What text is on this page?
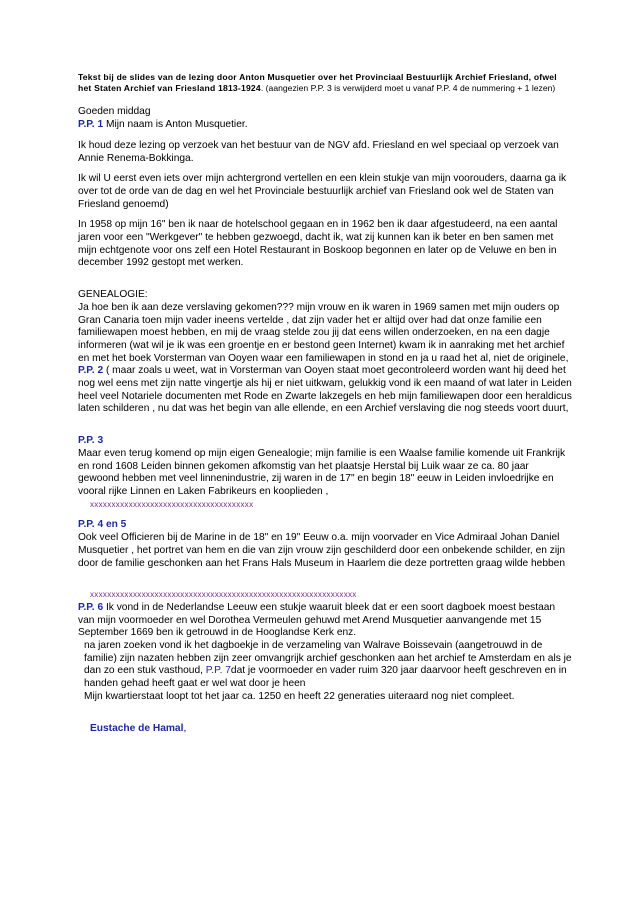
Tekst bij de slides van de lezing door Anton Musquetier over het Provinciaal Bestuurlijk Archief Friesland, ofwel het Staten Archief van Friesland 1813-1924. (aangezien P.P. 3 is verwijderd moet u vanaf P.P. 4 de nummering + 1 lezen)

Goeden middag

P.P. 1 Mijn naam is Anton Musquetier.

Ik houd deze lezing op verzoek van het bestuur van de NGV afd. Friesland en wel speciaal op verzoek van Annie Renema-Bokkinga.

Ik wil U eerst even iets over mijn achtergrond vertellen en een klein stukje van mijn voorouders, daarna ga ik over tot de orde van de dag en wel het Provinciale bestuurlijk archief van Friesland ook wel de Staten van Friesland genoemd)

In 1958 op mijn 16" ben ik naar de hotelschool gegaan en in 1962 ben ik daar afgestudeerd, na een aantal jaren voor een "Werkgever" te hebben gezwoegd, dacht ik, wat zij kunnen kan ik beter en ben samen met mijn echtgenote voor ons zelf een Hotel Restaurant in Boskoop begonnen en later op de Veluwe en ben in december 1992 gestopt met werken.

GENEALOGIE:

Ja hoe ben ik aan deze verslaving gekomen??? mijn vrouw en ik waren in 1969 samen met mijn ouders op Gran Canaria toen mijn vader ineens vertelde , dat zijn vader het er altijd over had dat onze familie een familiewapen moest hebben, en mij de vraag stelde zou jij dat eens willen onderzoeken, en na een dagje informeren (wat wil je ik was een groentje en er bestond geen Internet) kwam ik in aanraking met het archief en met het boek Vorsterman van Ooyen waar een familiewapen in stond en ja u raad het al, niet de originele,

P.P. 2 ( maar zoals u weet, wat in Vorsterman van Ooyen staat moet gecontroleerd worden want hij deed het nog wel eens met zijn natte vingertje als hij er niet uitkwam, gelukkig vond ik een maand of wat later in Leiden heel veel Notariele documenten met Rode en Zwarte lakzegels en heb mijn familiewapen door een heraldicus laten schilderen , nu dat was het begin van alle ellende, en een Archief verslaving die nog steeds voort duurt,

P.P. 3

Maar even terug komend op mijn eigen Genealogie; mijn familie is een Waalse familie komende uit Frankrijk en rond 1608 Leiden binnen gekomen afkomstig van het plaatsje Herstal bij Luik waar ze ca. 80 jaar gewoond hebben met veel linnenindustrie, zij waren in de 17" en begin 18" eeuw in Leiden invloedrijke en vooral rijke Linnen en Laken Fabrikeurs en kooplieden ,

xxxxxxxxxxxxxxxxxxxxxxxxxxxxxxxxxxxxxx

P.P. 4 en 5

Ook veel Officieren bij de Marine in de 18" en 19" Eeuw o.a. mijn voorvader en Vice Admiraal Johan Daniel Musquetier , het portret van hem en die van zijn vrouw zijn geschilderd door een onbekende schilder, en zijn door de familie geschonken aan het Frans Hals Museum in Haarlem die deze portretten graag wilde hebben

xxxxxxxxxxxxxxxxxxxxxxxxxxxxxxxxxxxxxxxxxxxxxxxxxxxxxxxxxxxxxx

P.P. 6 Ik vond in de Nederlandse Leeuw een stukje waaruit bleek dat er een soort dagboek moest bestaan van mijn voormoeder en wel Dorothea Vermeulen gehuwd met Arend Musquetier aanvangende met 15 September 1669 ben ik getrouwd in de Hooglandse Kerk enz.

na jaren zoeken vond ik het dagboekje in de verzameling van Walrave Boissevain (aangetrouwd in de familie) zijn nazaten hebben zijn zeer omvangrijk archief geschonken aan het archief te Amsterdam en als je dan zo een stuk vasthoud, P.P. 7dat je voormoeder en vader ruim 320 jaar daarvoor heeft geschreven en in handen gehad heeft gaat er wel wat door je heen

Mijn kwartierstaat loopt tot het jaar ca. 1250 en heeft 22 generaties uiteraard nog niet compleet.

Eustache de Hamal,
